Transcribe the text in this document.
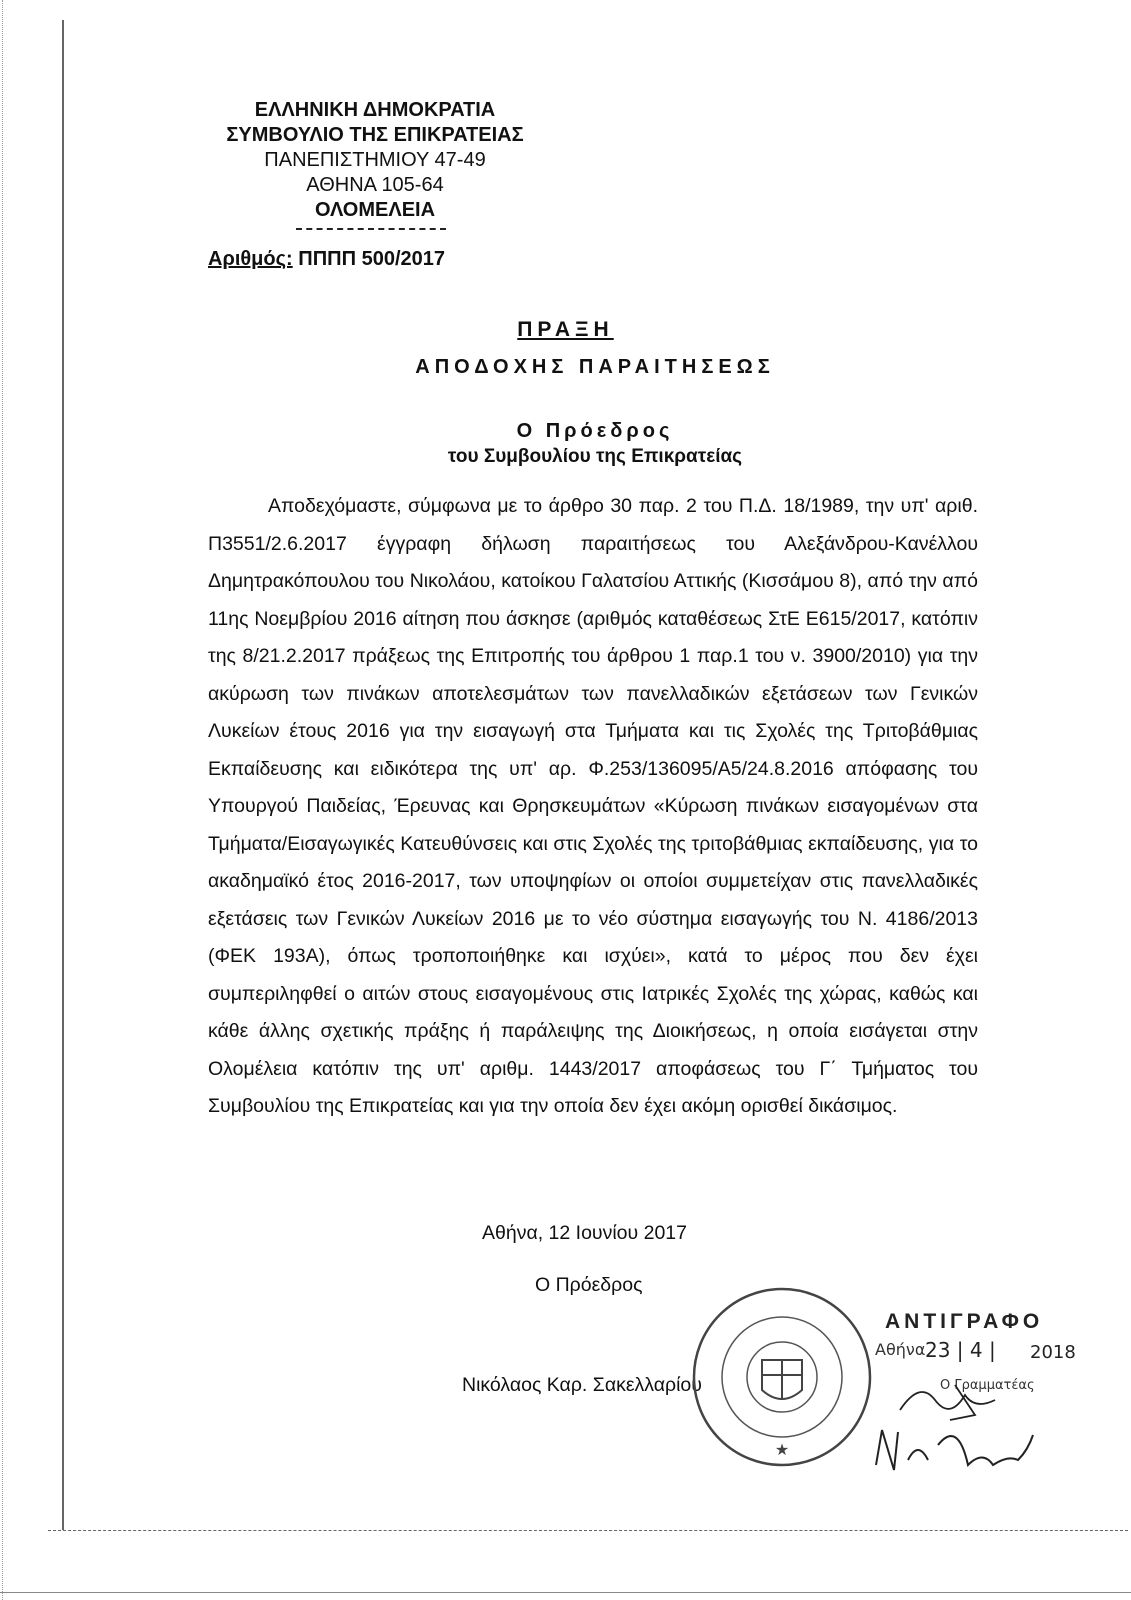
ΕΛΛΗΝΙΚΗ ΔΗΜΟΚΡΑΤΙΑ
ΣΥΜΒΟΥΛΙΟ ΤΗΣ ΕΠΙΚΡΑΤΕΙΑΣ
ΠΑΝΕΠΙΣΤΗΜΙΟΥ 47-49
ΑΘΗΝΑ 105-64
ΟΛΟΜΕΛΕΙΑ
Αριθμός: ΠΠΠΠ 500/2017
ΠΡΑΞΗ
ΑΠΟΔΟΧΗΣ ΠΑΡΑΙΤΗΣΕΩΣ
Ο Πρόεδρος
του Συμβουλίου της Επικρατείας

Αποδεχόμαστε, σύμφωνα με το άρθρο 30 παρ. 2 του Π.Δ. 18/1989, την υπ' αριθ. Π3551/2.6.2017 έγγραφη δήλωση παραιτήσεως του Αλεξάνδρου-Κανέλλου Δημητρακόπουλου του Νικολάου, κατοίκου Γαλατσίου Αττικής (Κισσάμου 8), από την από 11ης Νοεμβρίου 2016 αίτηση που άσκησε (αριθμός καταθέσεως ΣτΕ Ε615/2017, κατόπιν της 8/21.2.2017 πράξεως της Επιτροπής του άρθρου 1 παρ.1 του ν. 3900/2010) για την ακύρωση των πινάκων αποτελεσμάτων των πανελλαδικών εξετάσεων των Γενικών Λυκείων έτους 2016 για την εισαγωγή στα Τμήματα και τις Σχολές της Τριτοβάθμιας Εκπαίδευσης και ειδικότερα της υπ' αρ. Φ.253/136095/Α5/24.8.2016 απόφασης του Υπουργού Παιδείας, Έρευνας και Θρησκευμάτων «Κύρωση πινάκων εισαγομένων στα Τμήματα/Εισαγωγικές Κατευθύνσεις και στις Σχολές της τριτοβάθμιας εκπαίδευσης, για το ακαδημαϊκό έτος 2016-2017, των υποψηφίων οι οποίοι συμμετείχαν στις πανελλαδικές εξετάσεις των Γενικών Λυκείων 2016 με το νέο σύστημα εισαγωγής του Ν. 4186/2013 (ΦΕΚ 193Α), όπως τροποποιήθηκε και ισχύει», κατά το μέρος που δεν έχει συμπεριληφθεί ο αιτών στους εισαγομένους στις Ιατρικές Σχολές της χώρας, καθώς και κάθε άλλης σχετικής πράξης ή παράλειψης της Διοικήσεως, η οποία εισάγεται στην Ολομέλεια κατόπιν της υπ' αριθμ. 1443/2017 αποφάσεως του Γ΄ Τμήματος του Συμβουλίου της Επικρατείας και για την οποία δεν έχει ακόμη ορισθεί δικάσιμος.

Αθήνα, 12 Ιουνίου 2017
Ο Πρόεδρος
Νικόλαος Καρ. Σακελλαρίου
★
ΑΝΤΙΓΡΑΦΟ
Αθήνα 23 | 4 | 2018
Ο Γραμματέας
